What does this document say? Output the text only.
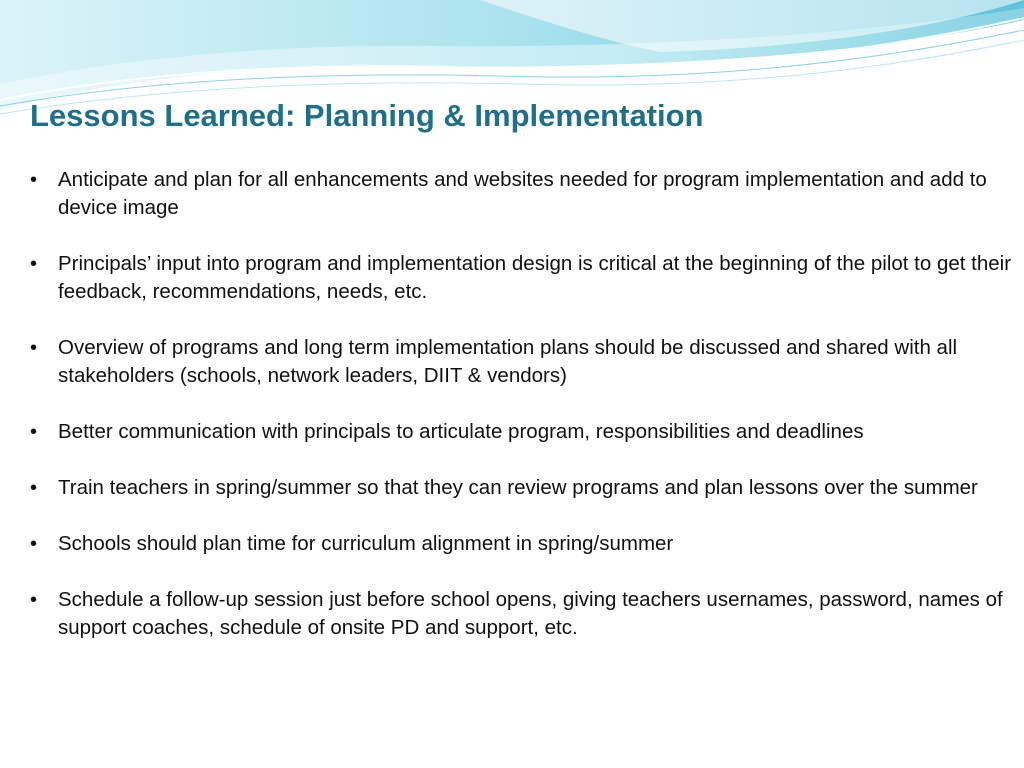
Lessons Learned: Planning & Implementation
• Anticipate and plan for all enhancements and websites needed for program implementation and add to device image
• Principals’ input into program and implementation design is critical at the beginning of the pilot to get their feedback, recommendations, needs, etc.
• Overview of programs and long term implementation plans should be discussed and shared with all stakeholders (schools, network leaders, DIIT & vendors)
• Better communication with principals to articulate program, responsibilities and deadlines
• Train teachers in spring/summer so that they can review programs and plan lessons over the summer
• Schools should plan time for curriculum alignment in spring/summer
• Schedule a follow-up session just before school opens, giving teachers usernames, password, names of support coaches, schedule of onsite PD and support, etc.
